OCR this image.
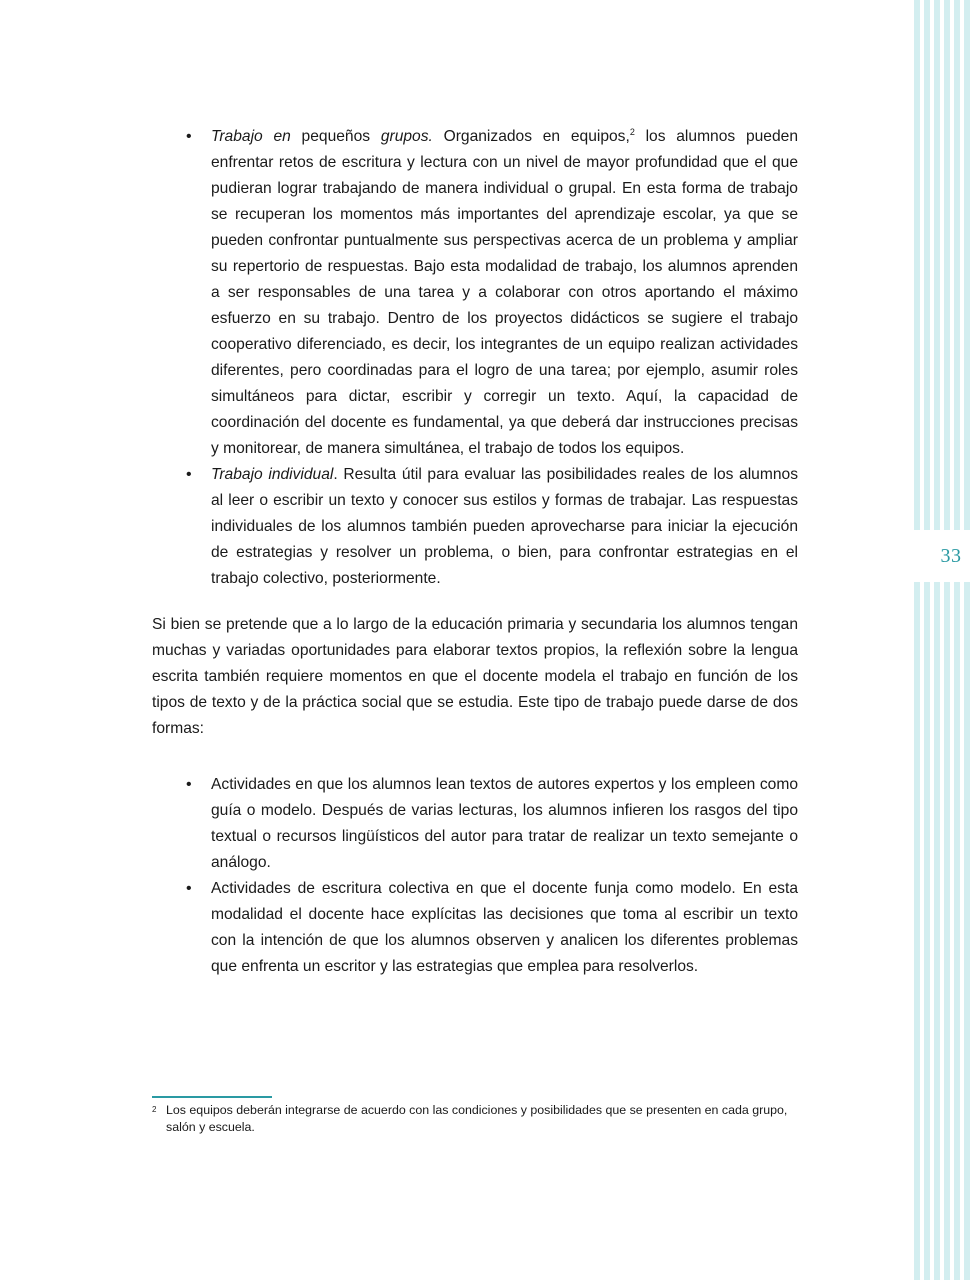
33
• Trabajo en pequeños grupos. Organizados en equipos,$^2$ los alumnos pueden enfrentar retos de escritura y lectura con un nivel de mayor profundidad que el que pudieran lograr trabajando de manera individual o grupal. En esta forma de trabajo se recuperan los momentos más importantes del aprendizaje escolar, ya que se pueden confrontar puntualmente sus perspectivas acerca de un problema y ampliar su repertorio de respuestas. Bajo esta modalidad de trabajo, los alumnos aprenden a ser responsables de una tarea y a colaborar con otros aportando el máximo esfuerzo en su trabajo. Dentro de los proyectos didácticos se sugiere el trabajo cooperativo diferenciado, es decir, los integrantes de un equipo realizan actividades diferentes, pero coordinadas para el logro de una tarea; por ejemplo, asumir roles simultáneos para dictar, escribir y corregir un texto. Aquí, la capacidad de coordinación del docente es fundamental, ya que deberá dar instrucciones precisas y monitorear, de manera simultánea, el trabajo de todos los equipos.
• Trabajo individual. Resulta útil para evaluar las posibilidades reales de los alumnos al leer o escribir un texto y conocer sus estilos y formas de trabajar. Las respuestas individuales de los alumnos también pueden aprovecharse para iniciar la ejecución de estrategias y resolver un problema, o bien, para confrontar estrategias en el trabajo colectivo, posteriormente.

Si bien se pretende que a lo largo de la educación primaria y secundaria los alumnos tengan muchas y variadas oportunidades para elaborar textos propios, la reflexión sobre la lengua escrita también requiere momentos en que el docente modela el trabajo en función de los tipos de texto y de la práctica social que se estudia. Este tipo de trabajo puede darse de dos formas:

• Actividades en que los alumnos lean textos de autores expertos y los empleen como guía o modelo. Después de varias lecturas, los alumnos infieren los rasgos del tipo textual o recursos lingüísticos del autor para tratar de realizar un texto semejante o análogo.
• Actividades de escritura colectiva en que el docente funja como modelo. En esta modalidad el docente hace explícitas las decisiones que toma al escribir un texto con la intención de que los alumnos observen y analicen los diferentes problemas que enfrenta un escritor y las estrategias que emplea para resolverlos.
2 Los equipos deberán integrarse de acuerdo con las condiciones y posibilidades que se presenten en cada grupo, salón y escuela.
